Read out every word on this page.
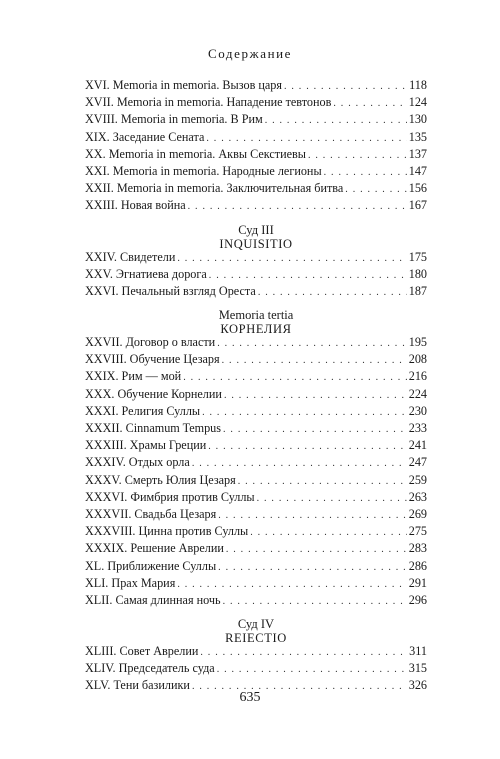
Содержание
XVI. Memoria in memoria. Вызов царя . . .	118
XVII. Memoria in memoria. Нападение тевтонов . . .	124
XVIII. Memoria in memoria. В Рим . . .	130
XIX. Заседание Сената . . .	135
XX. Memoria in memoria. Аквы Секстиевы . . .	137
XXI. Memoria in memoria. Народные легионы . . .	147
XXII. Memoria in memoria. Заключительная битва . . .	156
XXIII. Новая война . . .	167
Суд III
INQUISITIO
XXIV. Свидетели . . .	175
XXV. Эгнатиева дорога . . .	180
XXVI. Печальный взгляд Ореста . . .	187
Memoria tertia
КОРНЕЛИЯ
XXVII. Договор о власти . . .	195
XXVIII. Обучение Цезаря . . .	208
XXIX. Рим — мой . . .	216
XXX. Обучение Корнелии . . .	224
XXXI. Религия Суллы . . .	230
XXXII. Cinnamum Tempus . . .	233
XXXIII. Храмы Греции . . .	241
XXXIV. Отдых орла . . .	247
XXXV. Смерть Юлия Цезаря . . .	259
XXXVI. Фимбрия против Суллы . . .	263
XXXVII. Свадьба Цезаря . . .	269
XXXVIII. Цинна против Суллы . . .	275
XXXIX. Решение Аврелии . . .	283
XL. Приближение Суллы . . .	286
XLI. Прах Мария . . .	291
XLII. Самая длинная ночь . . .	296
Суд IV
REIECTIO
XLIII. Совет Аврелии . . .	311
XLIV. Председатель суда . . .	315
XLV. Тени базилики . . .	326
635
